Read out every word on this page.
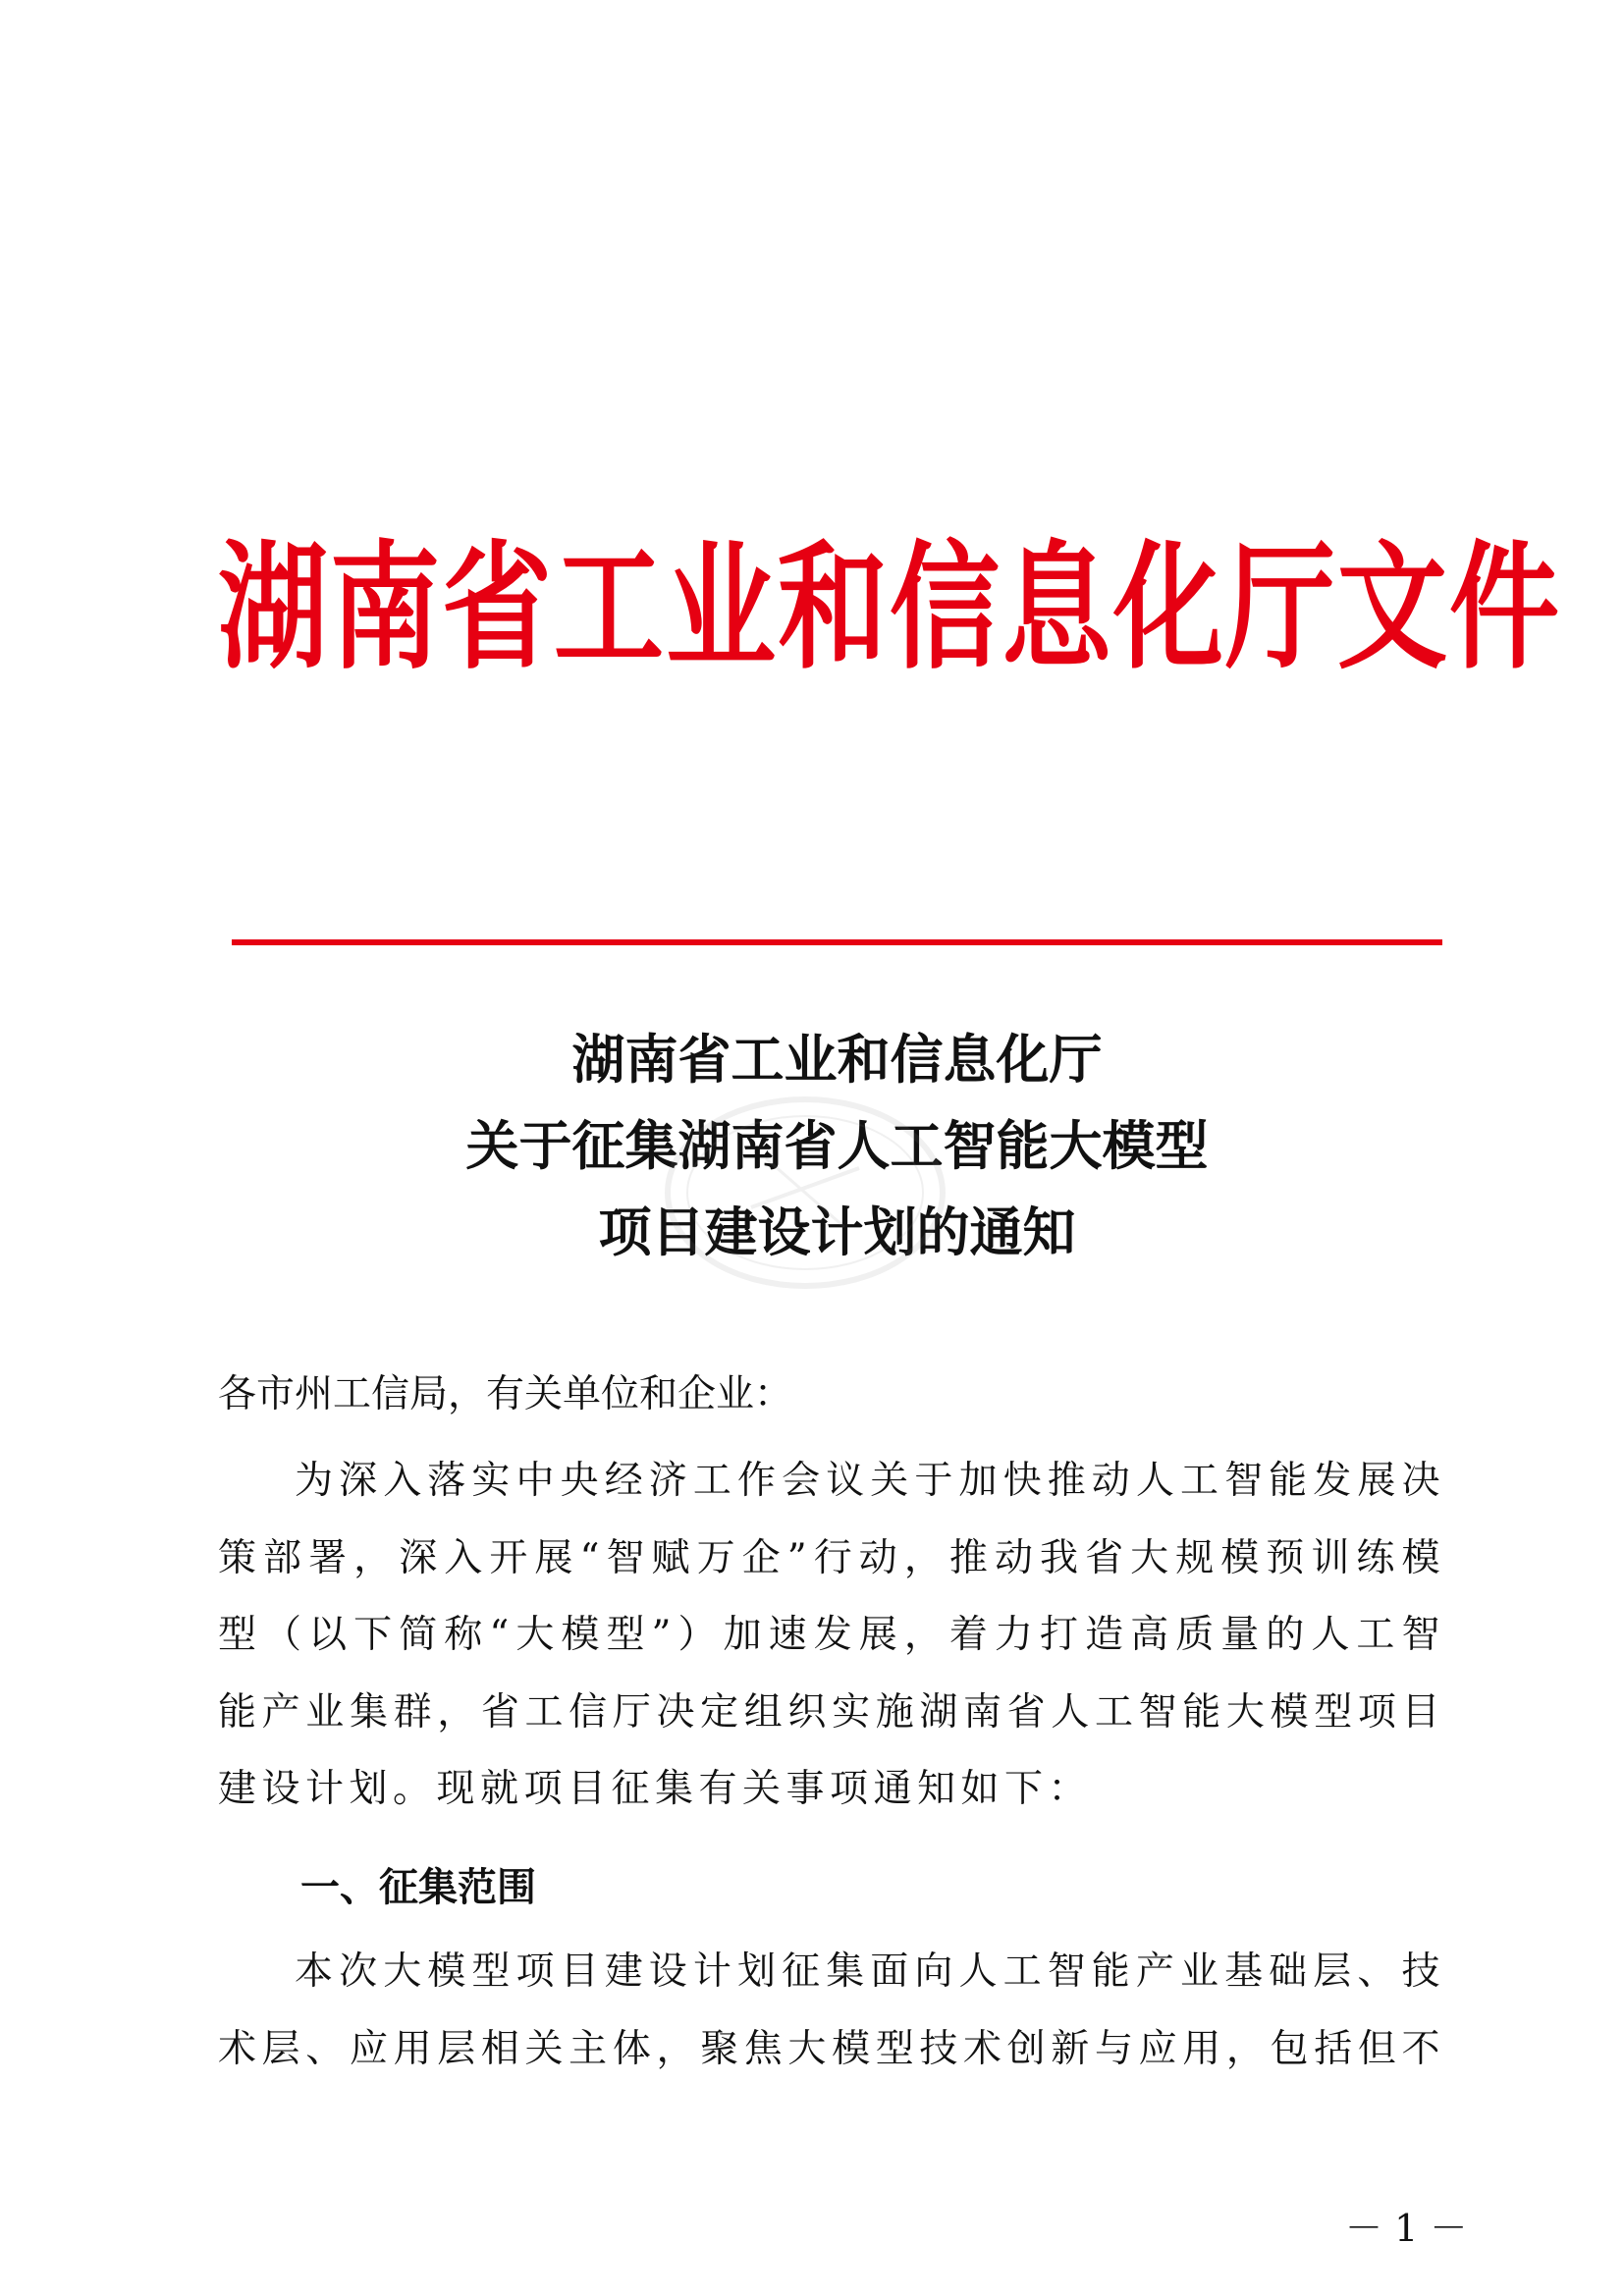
湖南省工业和信息化厅文件
湖南省工业和信息化厅
关于征集湖南省人工智能大模型
项目建设计划的通知
各市州工信局，有关单位和企业：
为深入落实中央经济工作会议关于加快推动人工智能发展决策部署，深入开展“智赋万企”行动，推动我省大规模预训练模型（以下简称“大模型”）加速发展，着力打造高质量的人工智能产业集群，省工信厅决定组织实施湖南省人工智能大模型项目建设计划。现就项目征集有关事项通知如下：
一、征集范围
本次大模型项目建设计划征集面向人工智能产业基础层、技术层、应用层相关主体，聚焦大模型技术创新与应用，包括但不
－ 1 －
